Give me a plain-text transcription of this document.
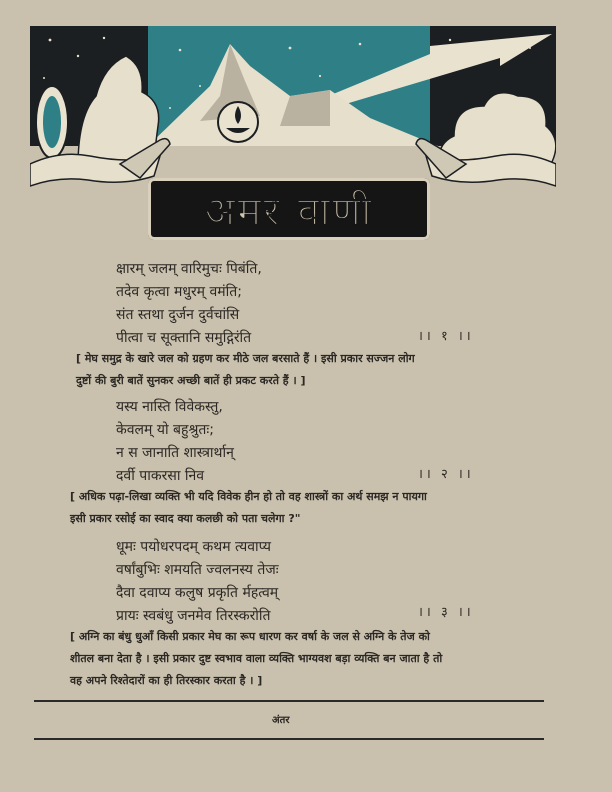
अमर वाणी
क्षारम् जलम् वारिमुचः पिबंति,
तदेव कृत्वा मधुरम् वमंति;
संत स्तथा दुर्जन दुर्वचांसि
पीत्वा च सूक्तानि समुद्गिरंति	।। १ ।।
[ मेघ समुद्र के खारे जल को ग्रहण कर मीठे जल बरसाते हैं । इसी प्रकार सज्जन लोग
दुष्टों की बुरी बातें सुनकर अच्छी बातें ही प्रकट करते हैं । ]
यस्य नास्ति विवेकस्तु,
केवलम् यो बहुश्रुतः;
न स जानाति शास्त्रार्थान्
दर्वी पाकरसा निव	।। २ ।।
[ अधिक पढ़ा-लिखा व्यक्ति भी यदि विवेक हीन हो तो वह शास्त्रों का अर्थ समझ न पायगा
इसी प्रकार रसोई का स्वाद क्या कलछी को पता चलेगा ?"
धूमः पयोधरपदम् कथम त्यवाप्य
वर्षांबुभिः शमयति ज्वलनस्य तेजः
दैवा दवाप्य कलुष प्रकृति र्महत्वम्
प्रायः स्वबंधु जनमेव तिरस्करोति	।। ३ ।।
[ अग्नि का बंधु धुआँ किसी प्रकार मेघ का रूप धारण कर वर्षा के जल से अग्नि के तेज को
शीतल बना देता है । इसी प्रकार दुष्ट स्वभाव वाला व्यक्ति भाग्यवश बड़ा व्यक्ति बन जाता है तो
वह अपने रिश्तेदारों का ही तिरस्कार करता है । ]
अंतर
